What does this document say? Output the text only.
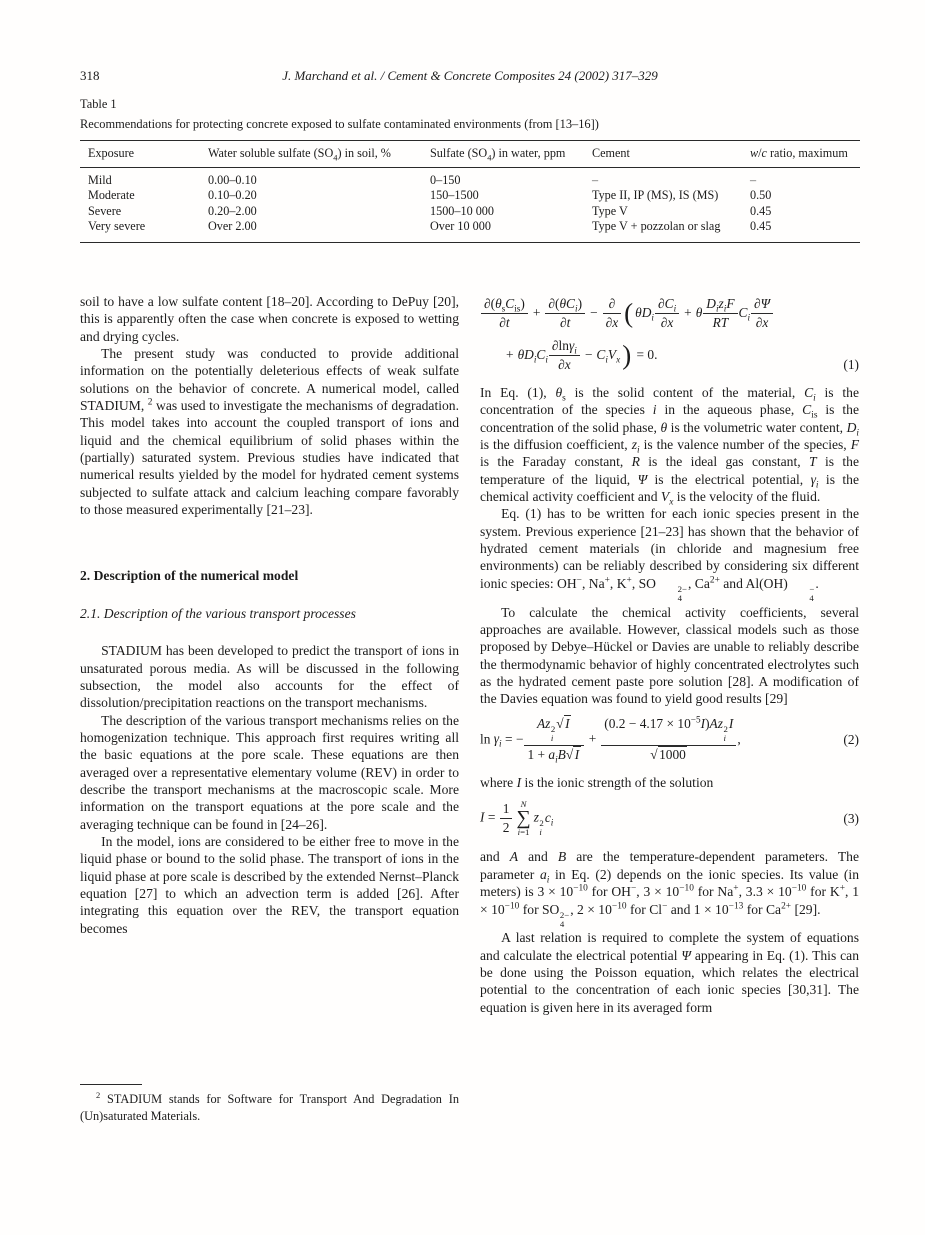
318	J. Marchand et al. / Cement & Concrete Composites 24 (2002) 317–329
Table 1
Recommendations for protecting concrete exposed to sulfate contaminated environments (from [13–16])
Exposure	Water soluble sulfate $(SO_4)$ in soil, %	Sulfate $(SO_4)$ in water, ppm	Cement	w/c ratio, maximum
Mild	0.00–0.10	0–150	–	–
Moderate	0.10–0.20	150–1500	Type II, IP (MS), IS (MS)	0.50
Severe	0.20–2.00	1500–10 000	Type V	0.45
Very severe	Over 2.00	Over 10 000	Type V + pozzolan or slag	0.45

soil to have a low sulfate content [18–20]. According to DePuy [20], this is apparently often the case when concrete is exposed to wetting and drying cycles.

The present study was conducted to provide additional information on the potentially deleterious effects of weak sulfate solutions on the behavior of concrete. A numerical model, called STADIUM, $^2$ was used to investigate the mechanisms of degradation. This model takes into account the coupled transport of ions and liquid and the chemical equilibrium of solid phases within the (partially) saturated system. Previous studies have indicated that numerical results yielded by the model for hydrated cement systems subjected to sulfate attack and calcium leaching compare favorably to those measured experimentally [21–23].

2. Description of the numerical model
2.1. Description of the various transport processes

STADIUM has been developed to predict the transport of ions in unsaturated porous media. As will be discussed in the following subsection, the model also accounts for the effect of dissolution/precipitation reactions on the transport mechanisms.

The description of the various transport mechanisms relies on the homogenization technique. This approach first requires writing all the basic equations at the pore scale. These equations are then averaged over a representative elementary volume (REV) in order to describe the transport mechanisms at the macroscopic scale. More information on the transport equations at the pore scale and the averaging technique can be found in [24–26].

In the model, ions are considered to be either free to move in the liquid phase or bound to the solid phase. The transport of ions in the liquid phase at pore scale is described by the extended Nernst–Planck equation [27] to which an advection term is added [26]. After integrating this equation over the REV, the transport equation becomes

$\frac{\partial(\theta_sC_{is})}{\partial t} + \frac{\partial(\theta C_i)}{\partial t} - \frac{\partial}{\partial x}$ ( $\theta D_i \frac{\partial C_i}{\partial x} + \theta \frac{D_iz_iF}{RT} C_i \frac{\partial\Psi}{\partial x}$
+ $\theta D_iC_i \frac{\partial\ln\gamma_i}{\partial x} - C_iV_x) = 0$.
(1)

In Eq. (1), $\theta_s$ is the solid content of the material, $C_i$ is the concentration of the species i in the aqueous phase, $C_{is}$ is the concentration of the solid phase, θ is the volumetric water content, $D_i$ is the diffusion coefficient, $z_i$ is the valence number of the species, F is the Faraday constant, R is the ideal gas constant, T is the temperature of the liquid, Ψ is the electrical potential, $\gamma_i$ is the chemical activity coefficient and $V_x$ is the velocity of the fluid.

Eq. (1) has to be written for each ionic species present in the system. Previous experience [21–23] has shown that the behavior of hydrated cement materials (in chloride and magnesium free environments) can be reliably described by considering six different ionic species: OH−, Na+, K+, SO	2−
4
, $Ca^{2+}$ and Al(OH)	−
4
.

To calculate the chemical activity coefficients, several approaches are available. However, classical models such as those proposed by Debye–Hückel or Davies are unable to reliably describe the thermodynamic behavior of highly concentrated electrolytes such as the hydrated cement paste pore solution [28]. A modification of the Davies equation was found to yield good results [29]

$\ln \gamma_i$ = − Az 2
i
√ I
$1 + a_iB√$ $I + (0.2 - 4.17 \times 10^{-5}I)Az$ 2
i
I
√ 1000 ,	(2)

where I is the ionic strength of the solution

$I = \frac{1}{2}$ N
∑
i=1
z 2
i
$c_i$	(3)

and A and B are the temperature-dependent parameters. The parameter $a_i$ in Eq. (2) depends on the ionic species. Its value (in meters) is $3 \times 10^{-10}$ for OH−, $3 \times 10^{-10}$ for Na+, $3.3 \times 10^{-10}$ for K+, $1 \times 10^{-10}$ for SO 2−
4
, $2 \times 10^{-10}$ for Cl− and $1 \times 10^{-13}$ for $Ca^{2+}$ [29].

A last relation is required to complete the system of equations and calculate the electrical potential Ψ appearing in Eq. (1). This can be done using the Poisson equation, which relates the electrical potential to the concentration of each ionic species [30,31]. The equation is given here in its averaged form

$^2$ STADIUM stands for Software for Transport And Degradation In (Un)saturated Materials.
